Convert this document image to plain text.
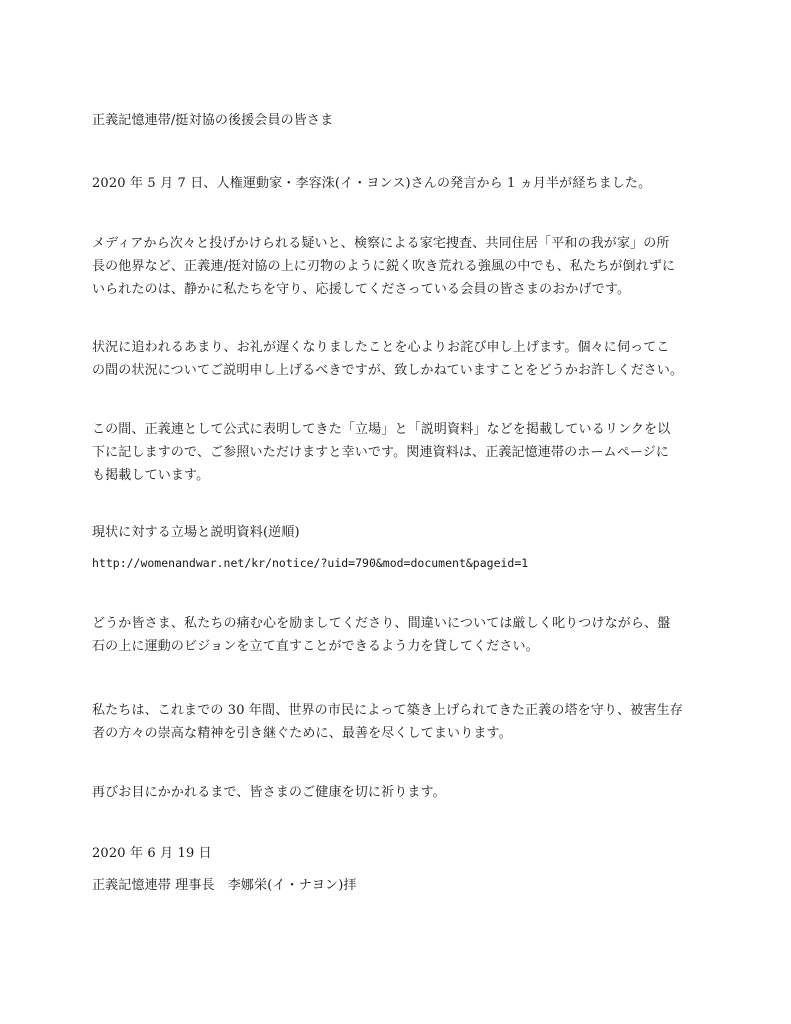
正義記憶連帯/挺対協の後援会員の皆さま
2020 年 5 月 7 日、人権運動家・李容洙(イ・ヨンス)さんの発言から 1 ヵ月半が経ちました。
メディアから次々と投げかけられる疑いと、検察による家宅捜査、共同住居「平和の我が家」の所
長の他界など、正義連/挺対協の上に刃物のように鋭く吹き荒れる強風の中でも、私たちが倒れずに
いられたのは、静かに私たちを守り、応援してくださっている会員の皆さまのおかげです。
状況に追われるあまり、お礼が遅くなりましたことを心よりお詫び申し上げます。個々に伺ってこ
の間の状況についてご説明申し上げるべきですが、致しかねていますことをどうかお許しください。
この間、正義連として公式に表明してきた「立場」と「説明資料」などを掲載しているリンクを以
下に記しますので、ご参照いただけますと幸いです。関連資料は、正義記憶連帯のホームページに
も掲載しています。
現状に対する立場と説明資料(逆順)
http://womenandwar.net/kr/notice/?uid=790&mod=document&pageid=1
どうか皆さま、私たちの痛む心を励ましてくださり、間違いについては厳しく叱りつけながら、盤
石の上に運動のビジョンを立て直すことができるよう力を貸してください。
私たちは、これまでの 30 年間、世界の市民によって築き上げられてきた正義の塔を守り、被害生存
者の方々の崇高な精神を引き継ぐために、最善を尽くしてまいります。
再びお目にかかれるまで、皆さまのご健康を切に祈ります。
2020 年 6 月 19 日
正義記憶連帯 理事長　李娜栄(イ・ナヨン)拝
